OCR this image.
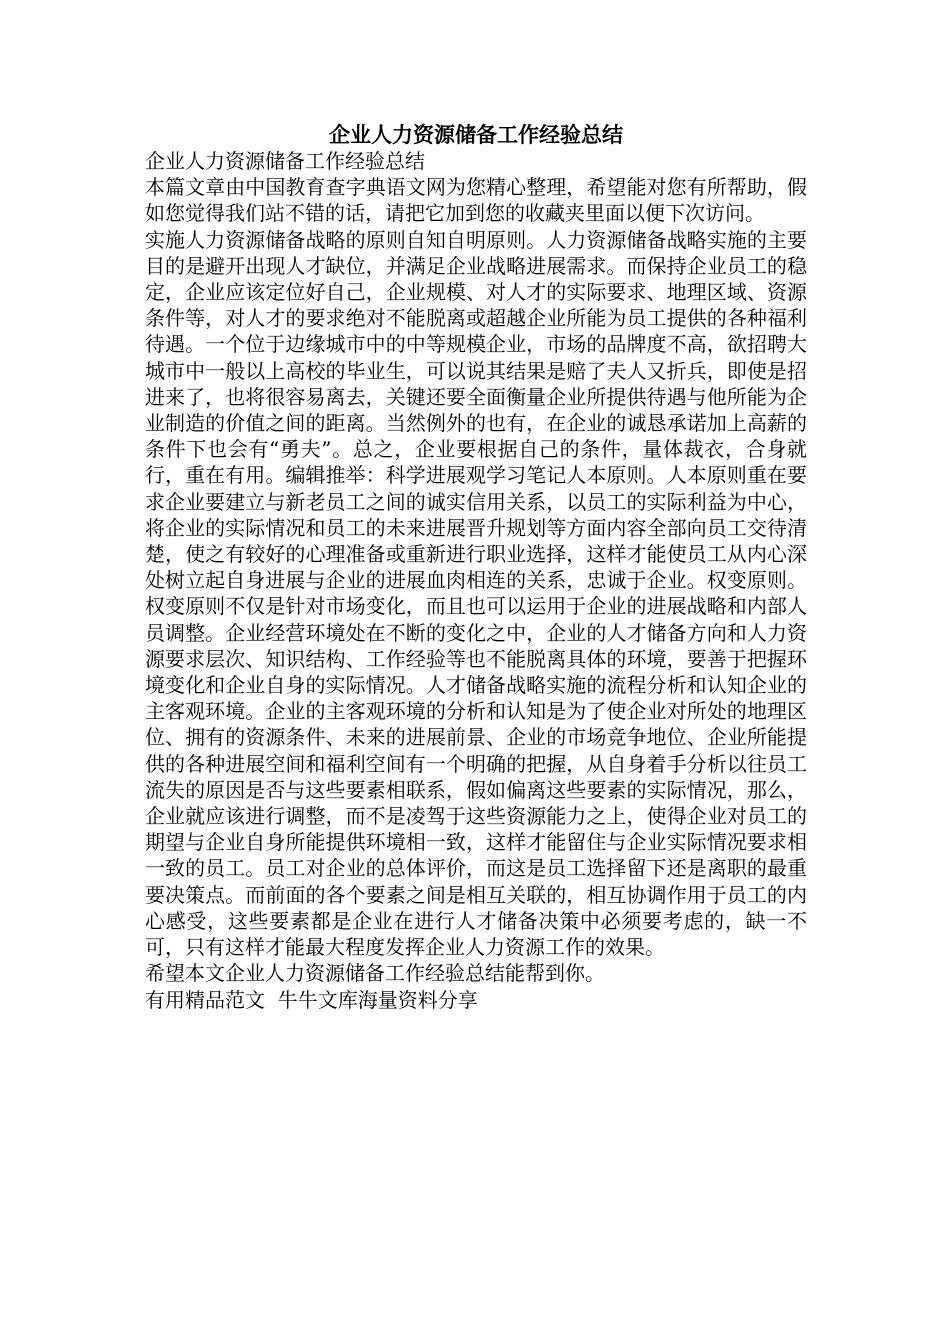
企业人力资源储备工作经验总结

企业人力资源储备工作经验总结

本篇文章由中国教育查字典语文网为您精心整理，希望能对您有所帮助，假如您觉得我们站不错的话，请把它加到您的收藏夹里面以便下次访问。

实施人力资源储备战略的原则自知自明原则。人力资源储备战略实施的主要目的是避开出现人才缺位，并满足企业战略进展需求。而保持企业员工的稳定，企业应该定位好自己，企业规模、对人才的实际要求、地理区域、资源条件等，对人才的要求绝对不能脱离或超越企业所能为员工提供的各种福利待遇。一个位于边缘城市中的中等规模企业，市场的品牌度不高，欲招聘大城市中一般以上高校的毕业生，可以说其结果是赔了夫人又折兵，即使是招进来了，也将很容易离去，关键还要全面衡量企业所提供待遇与他所能为企业制造的价值之间的距离。当然例外的也有，在企业的诚恳承诺加上高薪的条件下也会有“勇夫”。总之，企业要根据自己的条件，量体裁衣，合身就行，重在有用。编辑推举：科学进展观学习笔记人本原则。人本原则重在要求企业要建立与新老员工之间的诚实信用关系，以员工的实际利益为中心，将企业的实际情况和员工的未来进展晋升规划等方面内容全部向员工交待清楚，使之有较好的心理准备或重新进行职业选择，这样才能使员工从内心深处树立起自身进展与企业的进展血肉相连的关系，忠诚于企业。权变原则。权变原则不仅是针对市场变化，而且也可以运用于企业的进展战略和内部人员调整。企业经营环境处在不断的变化之中，企业的人才储备方向和人力资源要求层次、知识结构、工作经验等也不能脱离具体的环境，要善于把握环境变化和企业自身的实际情况。人才储备战略实施的流程分析和认知企业的主客观环境。企业的主客观环境的分析和认知是为了使企业对所处的地理区位、拥有的资源条件、未来的进展前景、企业的市场竞争地位、企业所能提供的各种进展空间和福利空间有一个明确的把握，从自身着手分析以往员工流失的原因是否与这些要素相联系，假如偏离这些要素的实际情况，那么，企业就应该进行调整，而不是凌驾于这些资源能力之上，使得企业对员工的期望与企业自身所能提供环境相一致，这样才能留住与企业实际情况要求相一致的员工。员工对企业的总体评价，而这是员工选择留下还是离职的最重要决策点。而前面的各个要素之间是相互关联的，相互协调作用于员工的内心感受，这些要素都是企业在进行人才储备决策中必须要考虑的，缺一不可，只有这样才能最大程度发挥企业人力资源工作的效果。

希望本文企业人力资源储备工作经验总结能帮到你。

有用精品范文  牛牛文库海量资料分享
